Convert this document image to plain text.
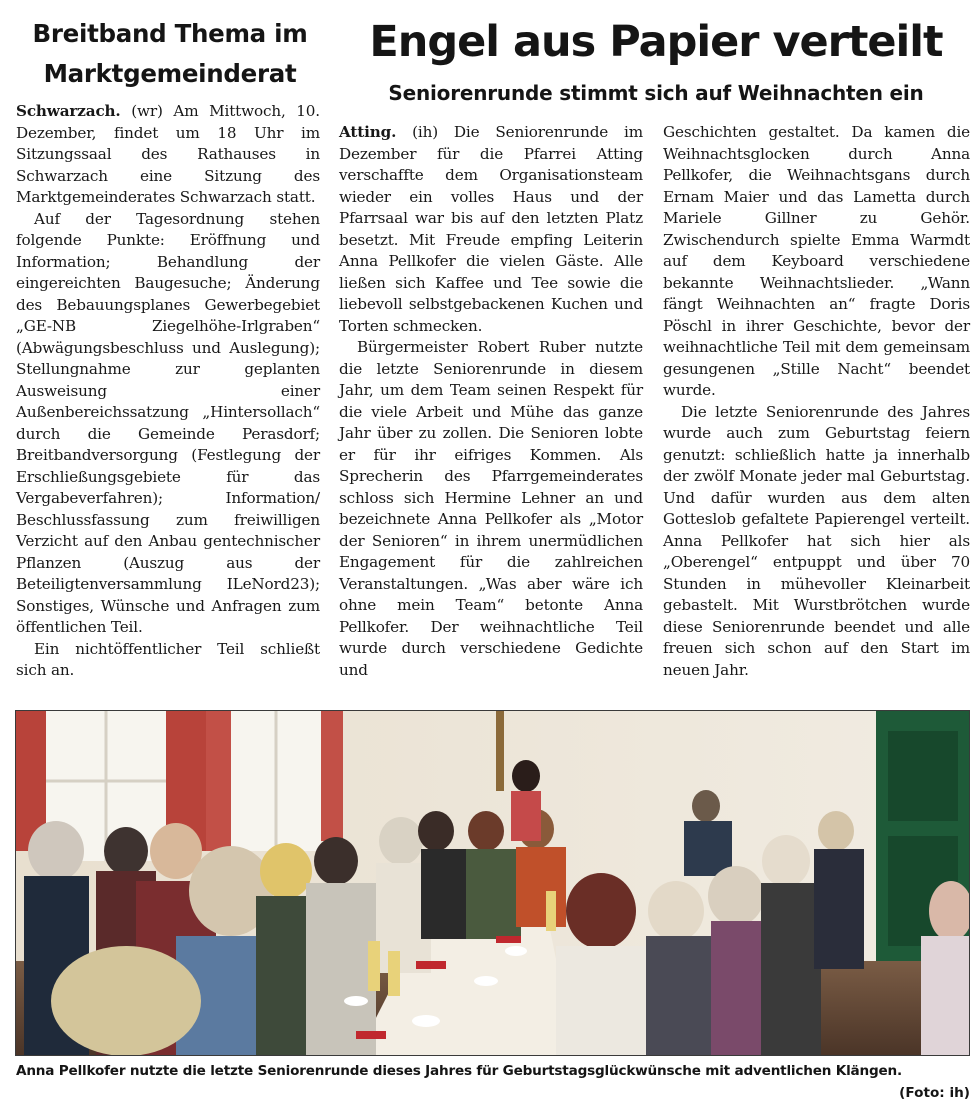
Breitband Thema im
Marktgemeinderat

Schwarzach. (wr) Am Mittwoch, 10. Dezember, findet um 18 Uhr im Sitzungssaal des Rathauses in Schwarzach eine Sitzung des Marktgemeinderates Schwarzach statt.

Auf der Tagesordnung stehen folgende Punkte: Eröffnung und Information; Behandlung der eingereichten Baugesuche; Änderung des Bebauungsplanes Gewerbegebiet „GE-NB Ziegelhöhe-Irlgraben“ (Abwägungsbeschluss und Auslegung); Stellungnahme zur geplanten Ausweisung einer Außenbereichssatzung „Hintersollach“ durch die Gemeinde Perasdorf; Breitbandversorgung (Festlegung der Erschließungsgebiete für das Vergabeverfahren); Information/ Beschlussfassung zum freiwilligen Verzicht auf den Anbau gentechnischer Pflanzen (Auszug aus der Beteiligtenversammlung ILeNord23); Sonstiges, Wünsche und Anfragen zum öffentlichen Teil.

Ein nichtöffentlicher Teil schließt sich an.

Engel aus Papier verteilt
Seniorenrunde stimmt sich auf Weihnachten ein

Atting. (ih) Die Seniorenrunde im Dezember für die Pfarrei Atting verschaffte dem Organisationsteam wieder ein volles Haus und der Pfarrsaal war bis auf den letzten Platz besetzt. Mit Freude empfing Leiterin Anna Pellkofer die vielen Gäste. Alle ließen sich Kaffee und Tee sowie die liebevoll selbstgebackenen Kuchen und Torten schmecken.

Bürgermeister Robert Ruber nutzte die letzte Seniorenrunde in diesem Jahr, um dem Team seinen Respekt für die viele Arbeit und Mühe das ganze Jahr über zu zollen. Die Senioren lobte er für ihr eifriges Kommen. Als Sprecherin des Pfarrgemeinderates schloss sich Hermine Lehner an und bezeichnete Anna Pellkofer als „Motor der Senioren“ in ihrem unermüdlichen Engagement für die zahlreichen Veranstaltungen. „Was aber wäre ich ohne mein Team“ betonte Anna Pellkofer. Der weihnachtliche Teil wurde durch verschiedene Gedichte und

Geschichten gestaltet. Da kamen die Weihnachtsglocken durch Anna Pellkofer, die Weihnachtsgans durch Ernam Maier und das Lametta durch Mariele Gillner zu Gehör. Zwischendurch spielte Emma Warmdt auf dem Keyboard verschiedene bekannte Weihnachtslieder. „Wann fängt Weihnachten an“ fragte Doris Pöschl in ihrer Geschichte, bevor der weihnachtliche Teil mit dem gemeinsam gesungenen „Stille Nacht“ beendet wurde.

Die letzte Seniorenrunde des Jahres wurde auch zum Geburtstag feiern genutzt: schließlich hatte ja innerhalb der zwölf Monate jeder mal Geburtstag. Und dafür wurden aus dem alten Gotteslob gefaltete Papierengel verteilt. Anna Pellkofer hat sich hier als „Oberengel“ entpuppt und über 70 Stunden in mühevoller Kleinarbeit gebastelt. Mit Wurstbrötchen wurde diese Seniorenrunde beendet und alle freuen sich schon auf den Start im neuen Jahr.

Anna Pellkofer nutzte die letzte Seniorenrunde dieses Jahres für Geburtstagsglückwünsche mit adventlichen Klängen.
(Foto: ih)
